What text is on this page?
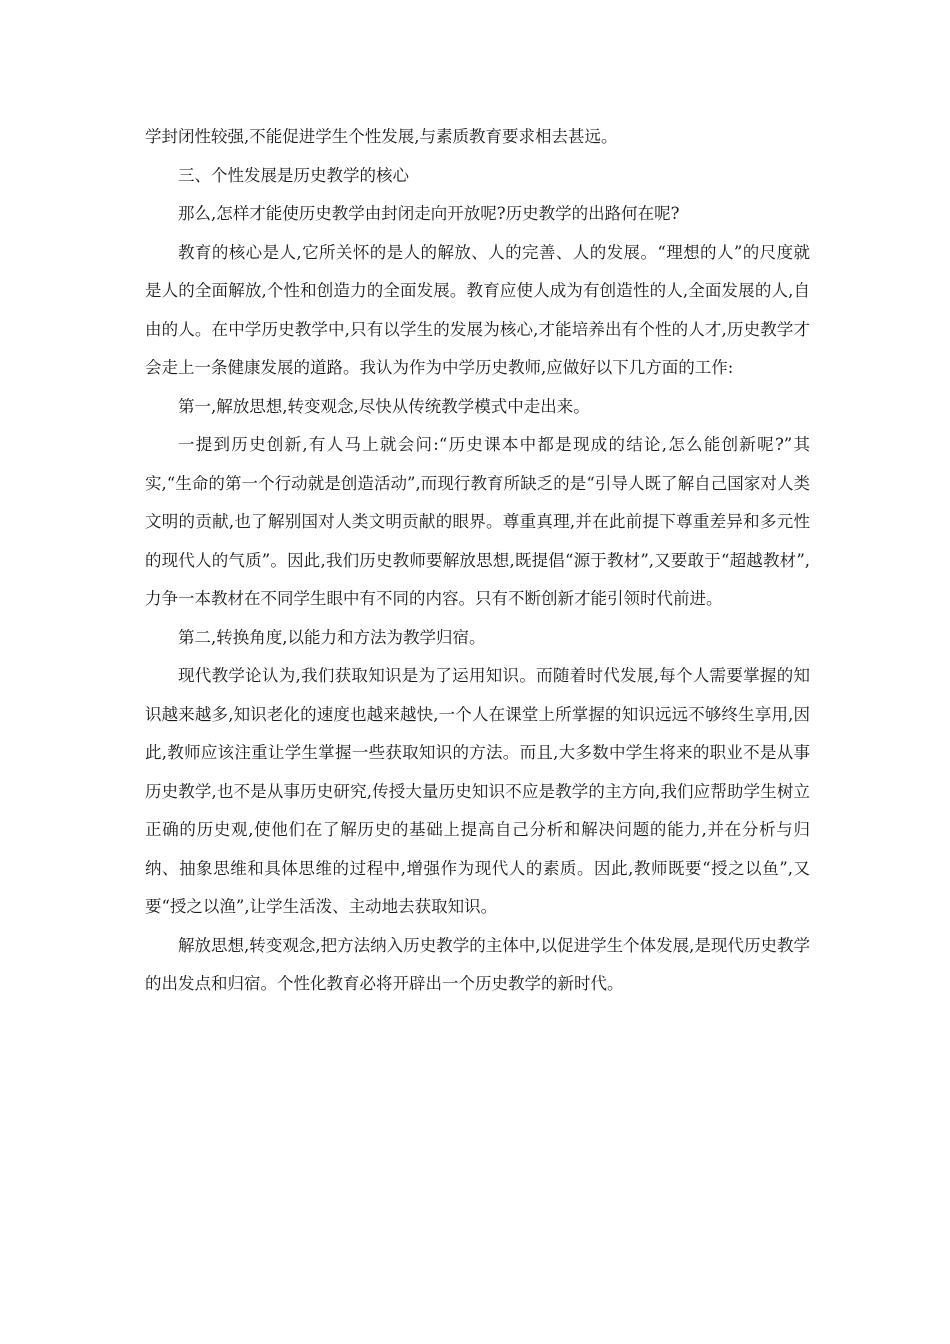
学封闭性较强,不能促进学生个性发展,与素质教育要求相去甚远。

三、个性发展是历史教学的核心

那么,怎样才能使历史教学由封闭走向开放呢?历史教学的出路何在呢?

教育的核心是人,它所关怀的是人的解放、人的完善、人的发展。“理想的人”的尺度就是人的全面解放,个性和创造力的全面发展。教育应使人成为有创造性的人,全面发展的人,自由的人。在中学历史教学中,只有以学生的发展为核心,才能培养出有个性的人才,历史教学才会走上一条健康发展的道路。我认为作为中学历史教师,应做好以下几方面的工作:

第一,解放思想,转变观念,尽快从传统教学模式中走出来。

一提到历史创新,有人马上就会问:“历史课本中都是现成的结论,怎么能创新呢?”其实,“生命的第一个行动就是创造活动”,而现行教育所缺乏的是“引导人既了解自己国家对人类文明的贡献,也了解别国对人类文明贡献的眼界。尊重真理,并在此前提下尊重差异和多元性的现代人的气质”。因此,我们历史教师要解放思想,既提倡“源于教材”,又要敢于“超越教材”,力争一本教材在不同学生眼中有不同的内容。只有不断创新才能引领时代前进。

第二,转换角度,以能力和方法为教学归宿。

现代教学论认为,我们获取知识是为了运用知识。而随着时代发展,每个人需要掌握的知识越来越多,知识老化的速度也越来越快,一个人在课堂上所掌握的知识远远不够终生享用,因此,教师应该注重让学生掌握一些获取知识的方法。而且,大多数中学生将来的职业不是从事历史教学,也不是从事历史研究,传授大量历史知识不应是教学的主方向,我们应帮助学生树立正确的历史观,使他们在了解历史的基础上提高自己分析和解决问题的能力,并在分析与归纳、抽象思维和具体思维的过程中,增强作为现代人的素质。因此,教师既要“授之以鱼”,又要“授之以渔”,让学生活泼、主动地去获取知识。

解放思想,转变观念,把方法纳入历史教学的主体中,以促进学生个体发展,是现代历史教学的出发点和归宿。个性化教育必将开辟出一个历史教学的新时代。
